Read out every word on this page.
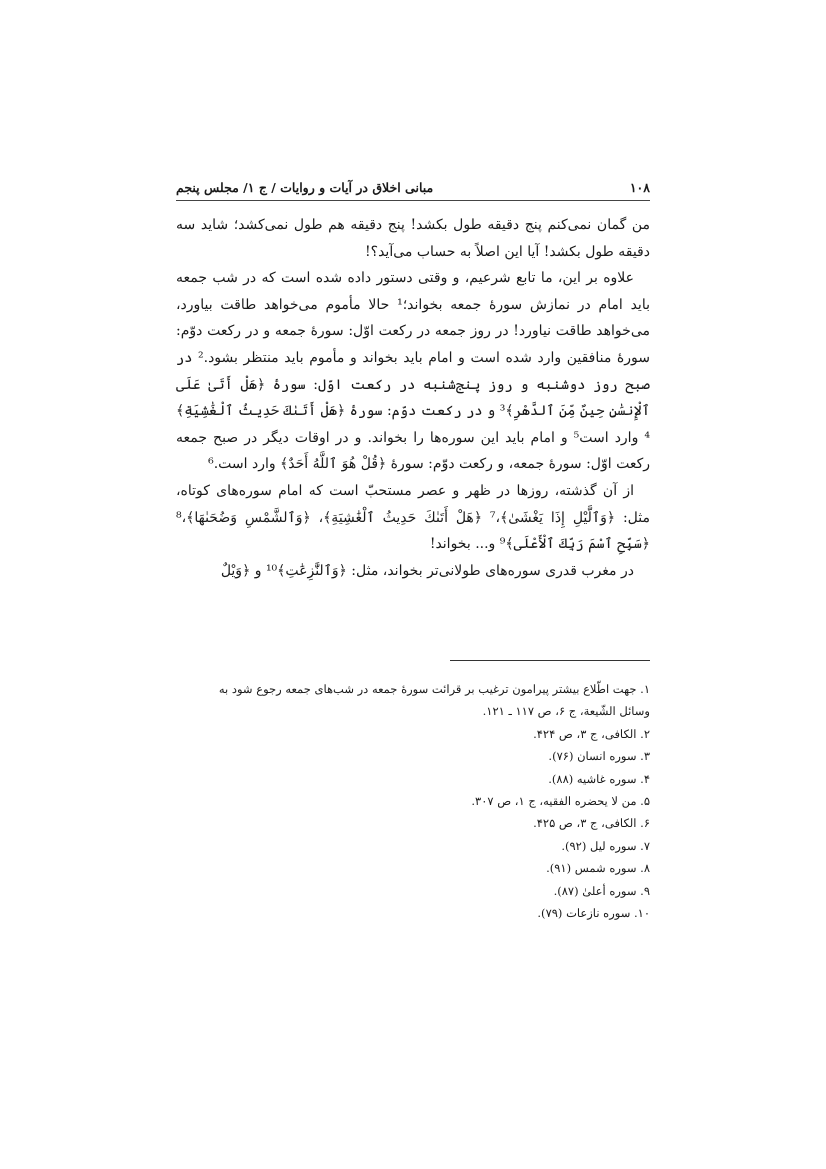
۱۰۸
مبانی اخلاق در آیات و روایات / ج ۱/ مجلس پنجم

من گمان نمی‌کنم پنج دقیقه طول بکشد! پنج دقیقه هم طول نمی‌کشد؛ شاید سه دقیقه طول بکشد! آیا این اصلاً به حساب می‌آید؟!

علاوه بر این، ما تابع شرعیم، و وقتی دستور داده شده است که در شب جمعه باید امام در نمازش سورهٔ جمعه بخواند؛¹ حالا مأموم می‌خواهد طاقت بیاورد، می‌خواهد طاقت نیاورد! در روز جمعه در رکعت اوّل: سورهٔ جمعه و در رکعت دوّم: سورهٔ منافقین وارد شده است و امام باید بخواند و مأموم باید منتظر بشود.² در صبح روز دوشنبه و روز پنج‌شنبه در رکعت اوّل: سورهٔ ﴿هَلْ أَتَىٰ عَلَى ٱلْإِنسَٰنِ حِينٌ مِّنَ ٱلدَّهْرِ﴾³ و در رکعت دوّم: سورهٔ ﴿هَلْ أَتَىٰكَ حَدِيثُ ٱلْغَٰشِيَةِ﴾⁴ وارد است⁵ و امام باید این سوره‌ها را بخواند. و در اوقات دیگر در صبح جمعه رکعت اوّل: سورهٔ جمعه، و رکعت دوّم: سورهٔ ﴿قُلْ هُوَ ٱللَّهُ أَحَدٌ﴾ وارد است.⁶

از آن گذشته، روزها در ظهر و عصر مستحبّ است که امام سوره‌های کوتاه، مثل: ﴿وَٱلَّيْلِ إِذَا يَغْشَىٰ﴾،⁷ ﴿هَلْ أَتَىٰكَ حَدِيثُ ٱلْغَٰشِيَةِ﴾، ﴿وَٱلشَّمْسِ وَضُحَىٰهَا﴾،⁸ ﴿سَبِّحِ ٱسْمَ رَبِّكَ ٱلْأَعْلَى﴾⁹ و... بخواند!

در مغرب قدری سوره‌های طولانی‌تر بخواند، مثل: ﴿وَٱلنَّٰزِعَٰتِ﴾¹⁰ و ﴿وَيْلٌ

۱. جهت اطّلاع بیشتر پیرامون ترغیب بر قرائت سورهٔ جمعه در شب‌های جمعه رجوع شود به

وسائل الشّیعة، ج ۶، ص ۱۱۷ ـ ۱۲۱.

۲. الکافی، ج ۳، ص ۴۲۴.

۳. سوره انسان (۷۶).

۴. سوره غاشیه (۸۸).

۵. من لا یحضره الفقیه، ج ۱، ص ۳۰۷.

۶. الکافی، ج ۳، ص ۴۲۵.

۷. سوره لیل (۹۲).

۸. سوره شمس (۹۱).

۹. سوره أعلیٰ (۸۷).

۱۰. سوره نازعات (۷۹).
